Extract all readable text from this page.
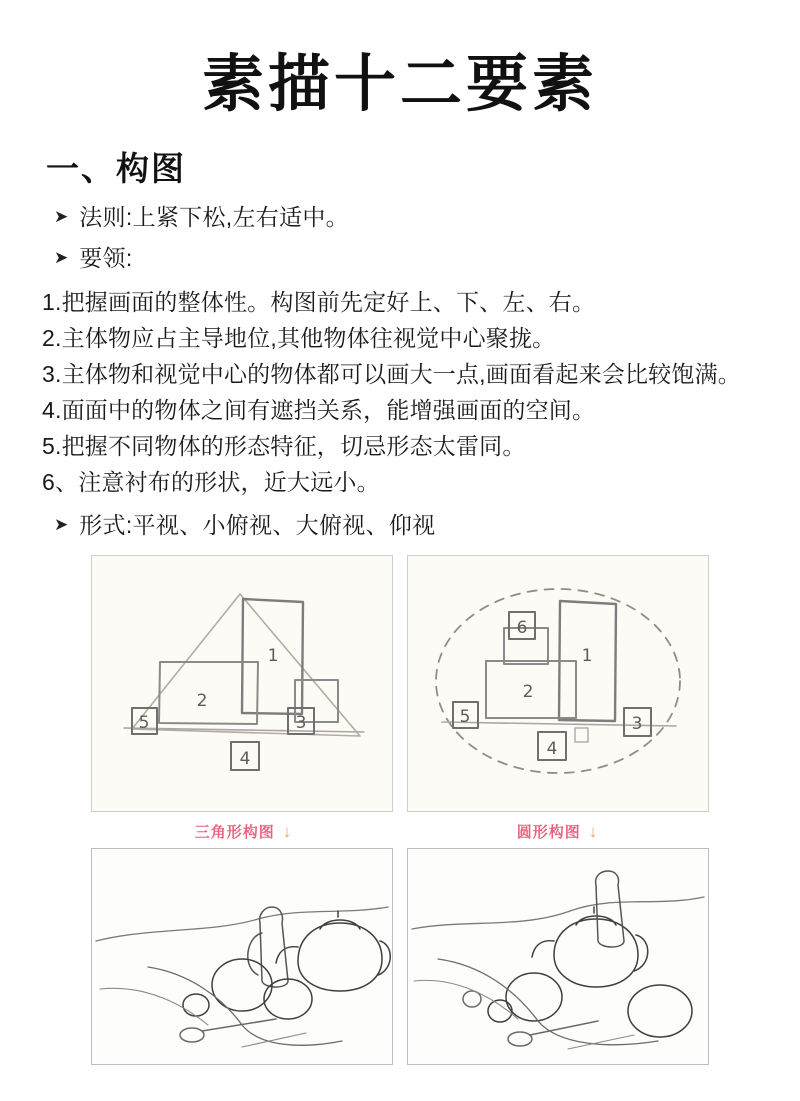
素描十二要素
一、构图
➤ 法则:上紧下松,左右适中。
➤ 要领:
1.把握画面的整体性。构图前先定好上、下、左、右。
2.主体物应占主导地位,其他物体往视觉中心聚拢。
3.主体物和视觉中心的物体都可以画大一点,画面看起来会比较饱满。
4.面面中的物体之间有遮挡关系，能增强画面的空间。
5.把握不同物体的形态特征，切忌形态太雷同。
6、注意衬布的形状，近大远小。
➤ 形式:平视、小俯视、大俯视、仰视
5
2
1
3
4
6
1
2
5	3
4
三角形构图 ↓	圆形构图 ↓
